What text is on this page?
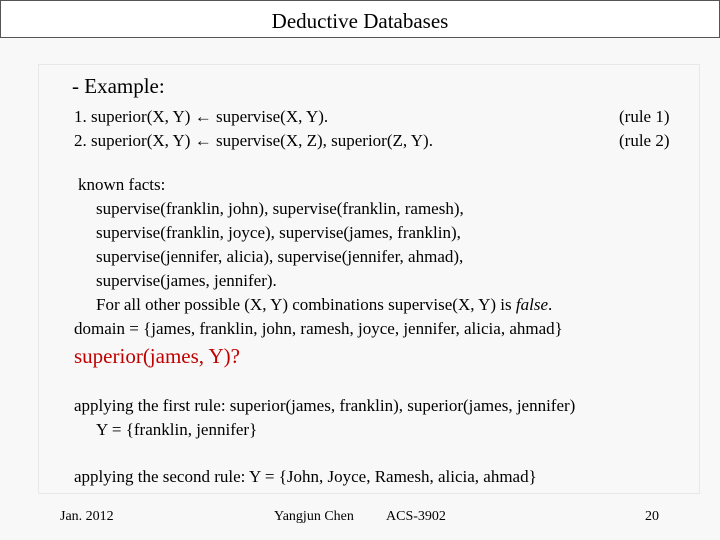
Deductive Databases
- Example:
1. superior(X, Y) ← supervise(X, Y).	(rule 1)
2. superior(X, Y) ← supervise(X, Z), superior(Z, Y).	(rule 2)
known facts:
supervise(franklin, john), supervise(franklin, ramesh),
supervise(franklin, joyce), supervise(james, franklin),
supervise(jennifer, alicia), supervise(jennifer, ahmad),
supervise(james, jennifer).
For all other possible (X, Y) combinations supervise(X, Y) is false.
domain = {james, franklin, john, ramesh, joyce, jennifer, alicia, ahmad}
superior(james, Y)?
applying the first rule: superior(james, franklin), superior(james, jennifer)
Y = {franklin, jennifer}
applying the second rule: Y = {John, Joyce, Ramesh, alicia, ahmad}
Jan. 2012	Yangjun Chen ACS-3902	20
